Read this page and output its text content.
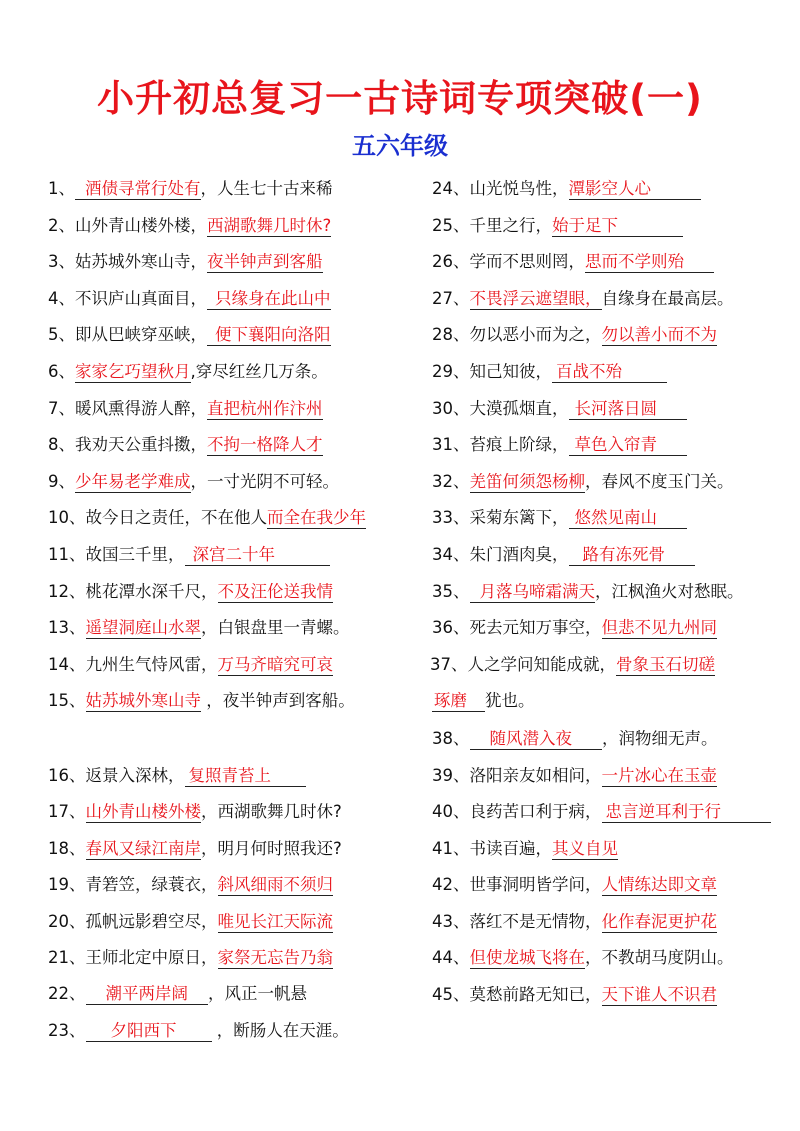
小升初总复习一古诗词专项突破(一)
五六年级
1、 酒债寻常行处有，人生七十古来稀
2、山外青山楼外楼，西湖歌舞几时休?
3、姑苏城外寒山寺，夜半钟声到客船
4、不识庐山真面目， 只缘身在此山中
5、即从巴峡穿巫峡， 便下襄阳向洛阳
6、家家乞巧望秋月,穿尽红丝几万条。
7、暖风熏得游人醉，直把杭州作汴州
8、我劝天公重抖擞，不拘一格降人才
9、少年易老学难成，一寸光阴不可轻。
10、故今日之责任，不在他人而全在我少年
11、故国三千里， 深宫二十年
12、桃花潭水深千尺，不及汪伦送我情
13、遥望洞庭山水翠，白银盘里一青螺。
14、九州生气恃风雷，万马齐暗究可哀
15、姑苏城外寒山寺 ，夜半钟声到客船。
16、返景入深林， 复照青苔上
17、山外青山楼外楼，西湖歌舞几时休?
18、春风又绿江南岸，明月何时照我还?
19、青箬笠，绿蓑衣，斜风细雨不须归
20、孤帆远影碧空尽，唯见长江天际流
21、王师北定中原日，家祭无忘告乃翁
22、 潮平两岸阔 ，风正一帆悬
23、 夕阳西下 ，断肠人在天涯。
24、山光悦鸟性，潭影空人心
25、千里之行，始于足下
26、学而不思则罔，思而不学则殆
27、不畏浮云遮望眼，自缘身在最高层。
28、勿以恶小而为之，勿以善小而不为
29、知己知彼， 百战不殆
30、大漠孤烟直， 长河落日圆
31、苔痕上阶绿， 草色入帘青
32、羌笛何须怨杨柳，春风不度玉门关。
33、采菊东篱下， 悠然见南山
34、朱门酒肉臭， 路有冻死骨
35、 月落乌啼霜满天，江枫渔火对愁眠。
36、死去元知万事空，但悲不见九州同
37、人之学问知能成就，骨象玉石切磋
琢磨 犹也。
38、 随风潜入夜 ，润物细无声。
39、洛阳亲友如相问，一片冰心在玉壶
40、良药苦口利于病， 忠言逆耳利于行
41、书读百遍，其义自见
42、世事洞明皆学问，人情练达即文章
43、落红不是无情物，化作春泥更护花
44、但使龙城飞将在，不教胡马度阴山。
45、莫愁前路无知已，天下谁人不识君
